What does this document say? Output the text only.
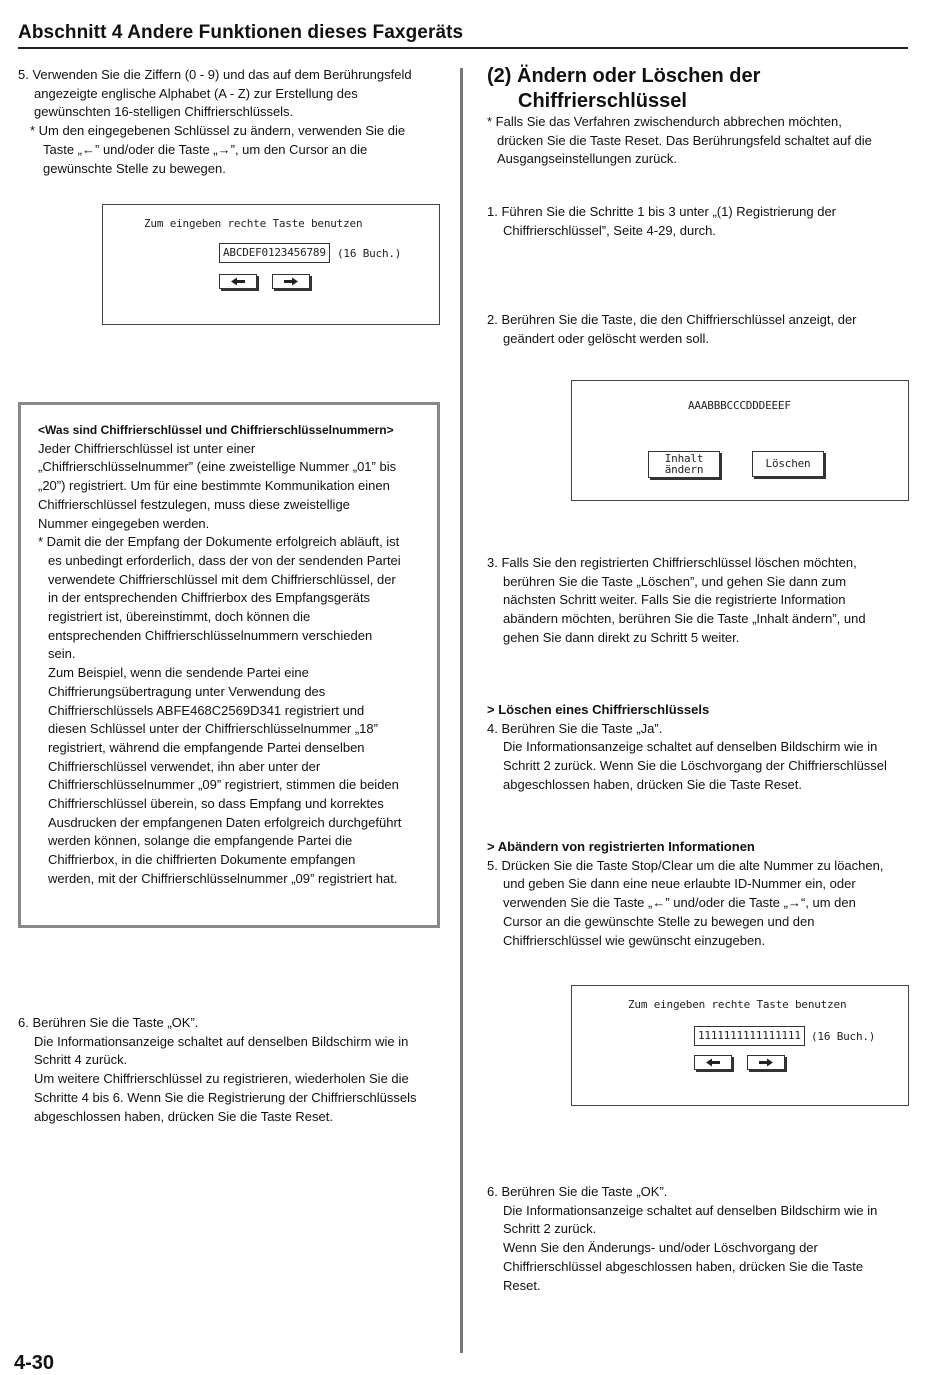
Abschnitt 4 Andere Funktionen dieses Faxgeräts

5. Verwenden Sie die Ziffern (0 - 9) und das auf dem Berührungsfeld

angezeigte englische Alphabet (A - Z) zur Erstellung des

gewünschten 16-stelligen Chiffrierschlüssels.

* Um den eingegebenen Schlüssel zu ändern, verwenden Sie die

Taste „←” und/oder die Taste „→”, um den Cursor an die

gewünschte Stelle zu bewegen.

Zum eingeben rechte Taste benutzen
ABCDEF0123456789	(16 Buch.)

<Was sind Chiffrierschlüssel und Chiffrierschlüsselnummern>

Jeder Chiffrierschlüssel ist unter einer

„Chiffrierschlüsselnummer” (eine zweistellige Nummer „01” bis

„20”) registriert. Um für eine bestimmte Kommunikation einen

Chiffrierschlüssel festzulegen, muss diese zweistellige

Nummer eingegeben werden.

* Damit die der Empfang der Dokumente erfolgreich abläuft, ist

es unbedingt erforderlich, dass der von der sendenden Partei

verwendete Chiffrierschlüssel mit dem Chiffrierschlüssel, der

in der entsprechenden Chiffrierbox des Empfangsgeräts

registriert ist, übereinstimmt, doch können die

entsprechenden Chiffrierschlüsselnummern verschieden

sein.

Zum Beispiel, wenn die sendende Partei eine

Chiffrierungsübertragung unter Verwendung des

Chiffrierschlüssels ABFE468C2569D341 registriert und

diesen Schlüssel unter der Chiffrierschlüsselnummer „18”

registriert, während die empfangende Partei denselben

Chiffrierschlüssel verwendet, ihn aber unter der

Chiffrierschlüsselnummer „09” registriert, stimmen die beiden

Chiffrierschlüssel überein, so dass Empfang und korrektes

Ausdrucken der empfangenen Daten erfolgreich durchgeführt

werden können, solange die empfangende Partei die

Chiffrierbox, in die chiffrierten Dokumente empfangen

werden, mit der Chiffrierschlüsselnummer „09” registriert hat.

6. Berühren Sie die Taste „OK”.

Die Informationsanzeige schaltet auf denselben Bildschirm wie in

Schritt 4 zurück.

Um weitere Chiffrierschlüssel zu registrieren, wiederholen Sie die

Schritte 4 bis 6. Wenn Sie die Registrierung der Chiffrierschlüssels

abgeschlossen haben, drücken Sie die Taste Reset.

(2) Ändern oder Löschen der
Chiffrierschlüssel

* Falls Sie das Verfahren zwischendurch abbrechen möchten,

drücken Sie die Taste Reset. Das Berührungsfeld schaltet auf die

Ausgangseinstellungen zurück.

1. Führen Sie die Schritte 1 bis 3 unter „(1) Registrierung der

Chiffrierschlüssel”, Seite 4-29, durch.

2. Berühren Sie die Taste, die den Chiffrierschlüssel anzeigt, der

geändert oder gelöscht werden soll.

AAABBBCCCDDDEEEF
Inhalt
ändern	Löschen

3. Falls Sie den registrierten Chiffrierschlüssel löschen möchten,

berühren Sie die Taste „Löschen”, und gehen Sie dann zum

nächsten Schritt weiter. Falls Sie die registrierte Information

abändern möchten, berühren Sie die Taste „Inhalt ändern”, und

gehen Sie dann direkt zu Schritt 5 weiter.

> Löschen eines Chiffrierschlüssels

4. Berühren Sie die Taste „Ja”.

Die Informationsanzeige schaltet auf denselben Bildschirm wie in

Schritt 2 zurück. Wenn Sie die Löschvorgang der Chiffrierschlüssel

abgeschlossen haben, drücken Sie die Taste Reset.

> Abändern von registrierten Informationen

5. Drücken Sie die Taste Stop/Clear um die alte Nummer zu löachen,

und geben Sie dann eine neue erlaubte ID-Nummer ein, oder

verwenden Sie die Taste „←” und/oder die Taste „→“, um den

Cursor an die gewünschte Stelle zu bewegen und den

Chiffrierschlüssel wie gewünscht einzugeben.

Zum eingeben rechte Taste benutzen
1111111111111111 (16 Buch.)

6. Berühren Sie die Taste „OK”.

Die Informationsanzeige schaltet auf denselben Bildschirm wie in

Schritt 2 zurück.

Wenn Sie den Änderungs- und/oder Löschvorgang der

Chiffrierschlüssel abgeschlossen haben, drücken Sie die Taste

Reset.

4-30
